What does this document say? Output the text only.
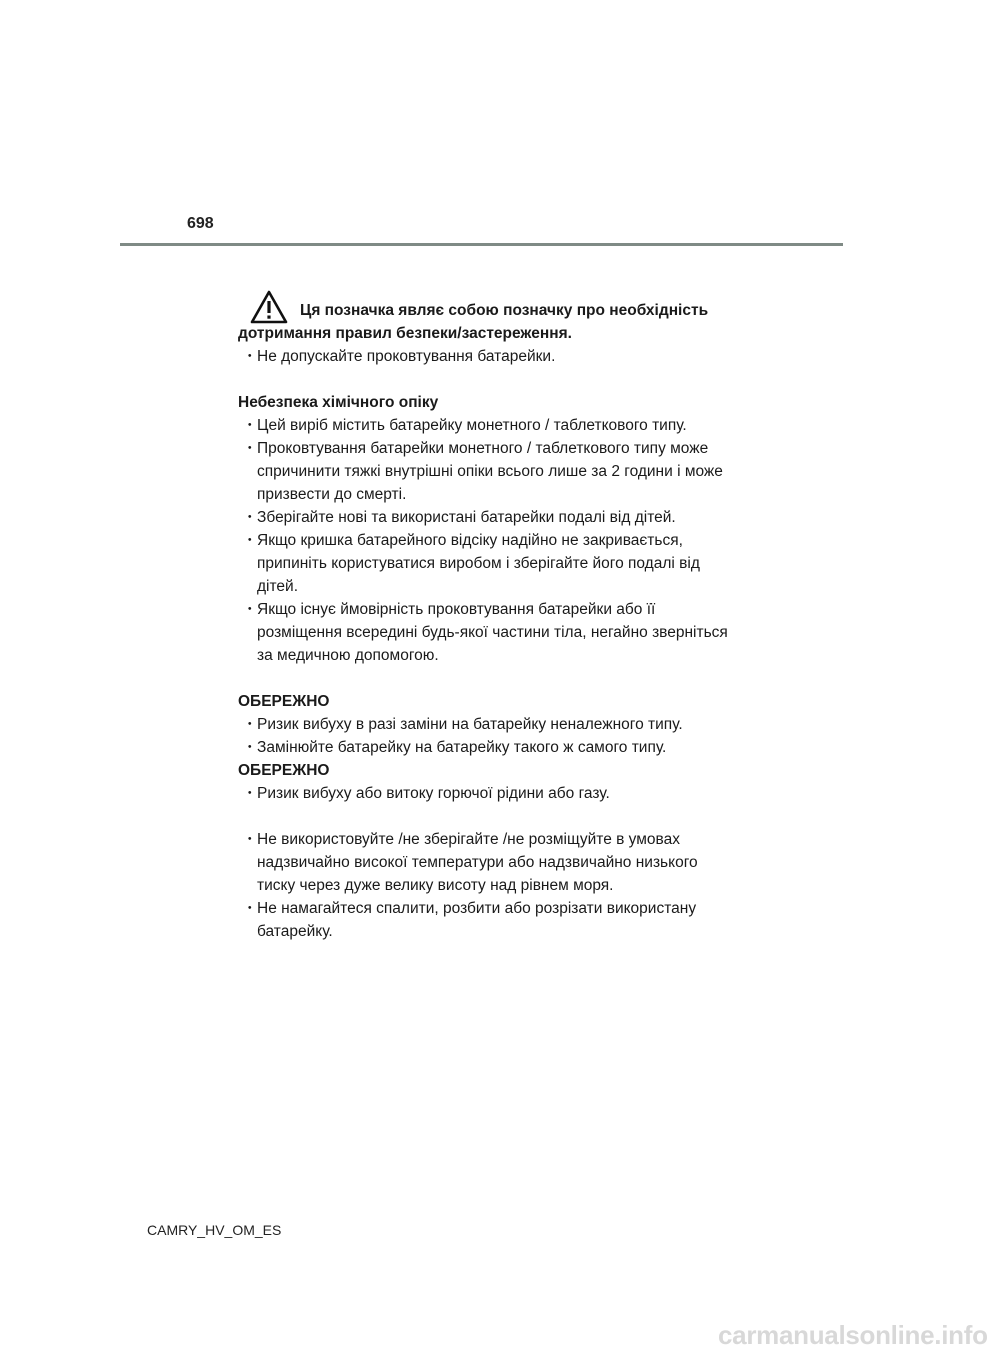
698
Ця позначка являє собою позначку про необхідність
дотримання правил безпеки/застереження.
・ Не допускайте проковтування батарейки.
Небезпека хімічного опіку
・ Цей виріб містить батарейку монетного / таблеткового типу.
・ Проковтування батарейки монетного / таблеткового типу може спричинити тяжкі внутрішні опіки всього лише за 2 години і може призвести до смерті.
・ Зберігайте нові та використані батарейки подалі від дітей.
・ Якщо кришка батарейного відсіку надійно не закривається, припиніть користуватися виробом і зберігайте його подалі від дітей.
・ Якщо існує ймовірність проковтування батарейки або її розміщення всередині будь-якої частини тіла, негайно зверніться за медичною допомогою.
ОБЕРЕЖНО
・ Ризик вибуху в разі заміни на батарейку неналежного типу.
・ Замінюйте батарейку на батарейку такого ж самого типу.
ОБЕРЕЖНО
・ Ризик вибуху або витоку горючої рідини або газу.
・ Не використовуйте /не зберігайте /не розміщуйте в умовах надзвичайно високої температури або надзвичайно низького тиску через дуже велику висоту над рівнем моря.
・ Не намагайтеся спалити, розбити або розрізати використану батарейку.
CAMRY_HV_OM_ES
carmanualsonline.info
